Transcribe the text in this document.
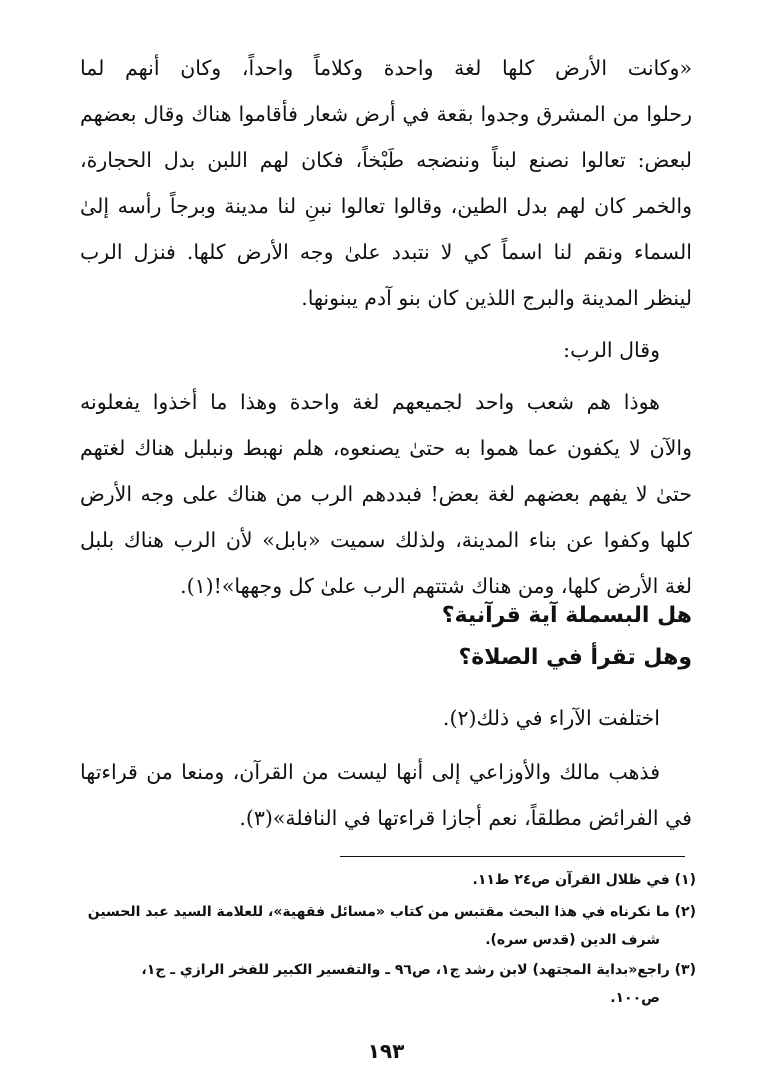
«وكانت الأرض كلها لغة واحدة وكلاماً واحداً، وكان أنهم لما
رحلوا من المشرق وجدوا بقعة في أرض شعار فأقاموا هناك وقال بعضهم
لبعض: تعالوا نصنع لبناً وننضجه طَبْخاً، فكان لهم اللبن بدل الحجارة،
والخمر كان لهم بدل الطين، وقالوا تعالوا نبنِ لنا مدينة وبرجاً رأسه إلىٰ
السماء ونقم لنا اسماً كي لا نتبدد علىٰ وجه الأرض كلها. فنزل الرب
لينظر المدينة والبرج اللذين كان بنو آدم يبنونها.
وقال الرب:
هوذا هم شعب واحد لجميعهم لغة واحدة وهذا ما أخذوا يفعلونه
والآن لا يكفون عما هموا به حتىٰ يصنعوه، هلم نهبط ونبلبل هناك لغتهم
حتىٰ لا يفهم بعضهم لغة بعض! فبددهم الرب من هناك على وجه الأرض
كلها وكفوا عن بناء المدينة، ولذلك سميت «بابل» لأن الرب هناك بلبل
لغة الأرض كلها، ومن هناك شتتهم الرب علىٰ كل وجهها»!(١).
هل البسملة آية قرآنية؟
وهل تقرأ في الصلاة؟
اختلفت الآراء في ذلك(٢).
فذهب مالك والأوزاعي إلى أنها ليست من القرآن، ومنعا من قراءتها
في الفرائض مطلقاً، نعم أجازا قراءتها في النافلة»(٣).
(١) في ظلال القرآن ص٢٤ ط١١.
(٢) ما نكرناه في هذا البحث مقتبس من كتاب «مسائل فقهية»، للعلامة السيد عبد الحسين
شرف الدين (قدس سره).
(٣) راجع«بداية المجتهد) لابن رشد ج١، ص٩٦ ـ والتفسير الكبير للفخر الرازي ـ ج١،
ص١٠٠.
١٩٣
